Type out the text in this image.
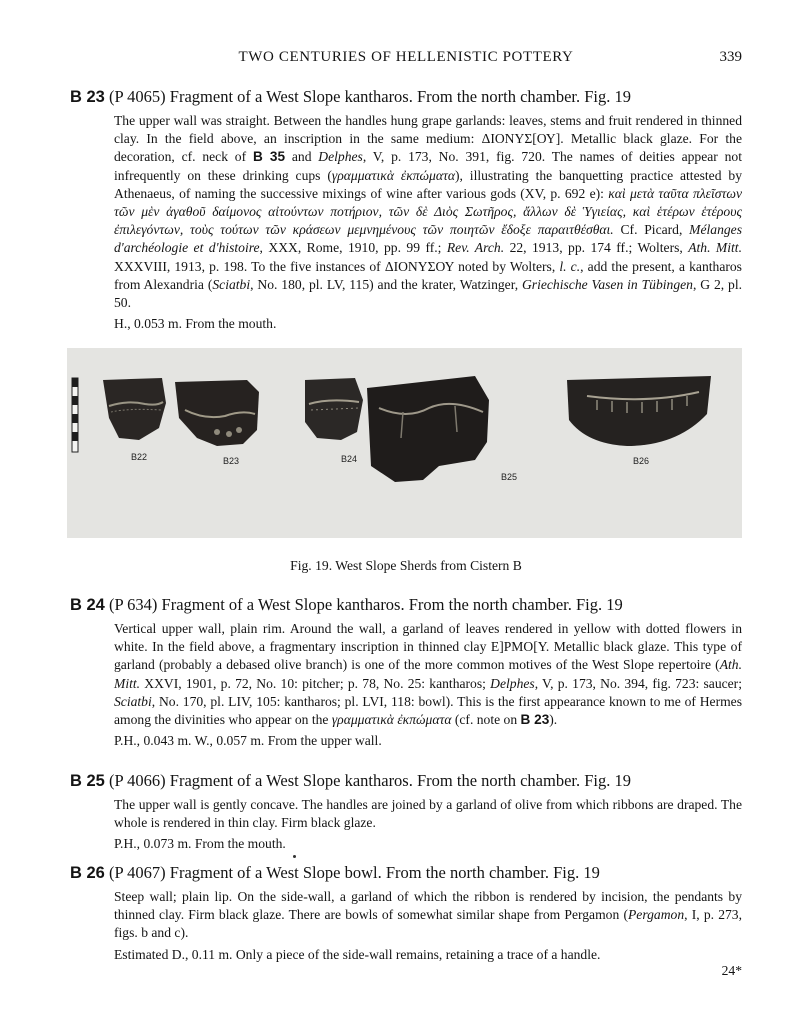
TWO CENTURIES OF HELLENISTIC POTTERY	339
B 23 (P 4065) Fragment of a West Slope kantharos. From the north chamber. Fig. 19

The upper wall was straight. Between the handles hung grape garlands: leaves, stems and fruit rendered in thinned clay. In the field above, an inscription in the same medium: ΔΙΟΝΥΣ[ΟΥ]. Metallic black glaze. For the decoration, cf. neck of B 35 and Delphes, V, p. 173, No. 391, fig. 720. The names of deities appear not infrequently on these drinking cups (γραμματικὰ ἐκπώματα), illustrating the banquetting practice attested by Athenaeus, of naming the successive mixings of wine after various gods (XV, p. 692 e): καὶ μετὰ ταῦτα πλεῖστων τῶν μὲν ἀγαθοῦ δαίμονος αἰτούντων ποτήριον, τῶν δὲ Διὸς Σωτῆρος, ἄλλων δὲ Ὑγιείας, καὶ ἑτέρων ἑτέρους ἐπιλεγόντων, τοὺς τούτων τῶν κράσεων μεμνημένους τῶν ποιητῶν ἔδοξε παραιτθέσθαι. Cf. Picard, Mélanges d'archéologie et d'histoire, XXX, Rome, 1910, pp. 99 ff.; Rev. Arch. 22, 1913, pp. 174 ff.; Wolters, Ath. Mitt. XXXVIII, 1913, p. 198. To the five instances of ΔΙΟΝΥΣΟΥ noted by Wolters, l. c., add the present, a kantharos from Alexandria (Sciatbi, No. 180, pl. LV, 115) and the krater, Watzinger, Griechische Vasen in Tübingen, G 2, pl. 50.

H., 0.053 m. From the mouth.
B22	B23	B24
B25
B26
Fig. 19. West Slope Sherds from Cistern B
B 24 (P 634) Fragment of a West Slope kantharos. From the north chamber. Fig. 19

Vertical upper wall, plain rim. Around the wall, a garland of leaves rendered in yellow with dotted flowers in white. In the field above, a fragmentary inscription in thinned clay E]PMO[Υ. Metallic black glaze. This type of garland (probably a debased olive branch) is one of the more common motives of the West Slope repertoire (Ath. Mitt. XXVI, 1901, p. 72, No. 10: pitcher; p. 78, No. 25: kantharos; Delphes, V, p. 173, No. 394, fig. 723: saucer; Sciatbi, No. 170, pl. LIV, 105: kantharos; pl. LVI, 118: bowl). This is the first appearance known to me of Hermes among the divinities who appear on the γραμματικὰ ἐκπώματα (cf. note on B 23).

P.H., 0.043 m. W., 0.057 m. From the upper wall.
B 25 (P 4066) Fragment of a West Slope kantharos. From the north chamber. Fig. 19

The upper wall is gently concave. The handles are joined by a garland of olive from which ribbons are draped. The whole is rendered in thin clay. Firm black glaze.

P.H., 0.073 m. From the mouth.
B 26 (P 4067) Fragment of a West Slope bowl. From the north chamber. Fig. 19

Steep wall; plain lip. On the side-wall, a garland of which the ribbon is rendered by incision, the pendants by thinned clay. Firm black glaze. There are bowls of somewhat similar shape from Pergamon (Pergamon, I, p. 273, figs. b and c).

Estimated D., 0.11 m. Only a piece of the side-wall remains, retaining a trace of a handle.
24*
